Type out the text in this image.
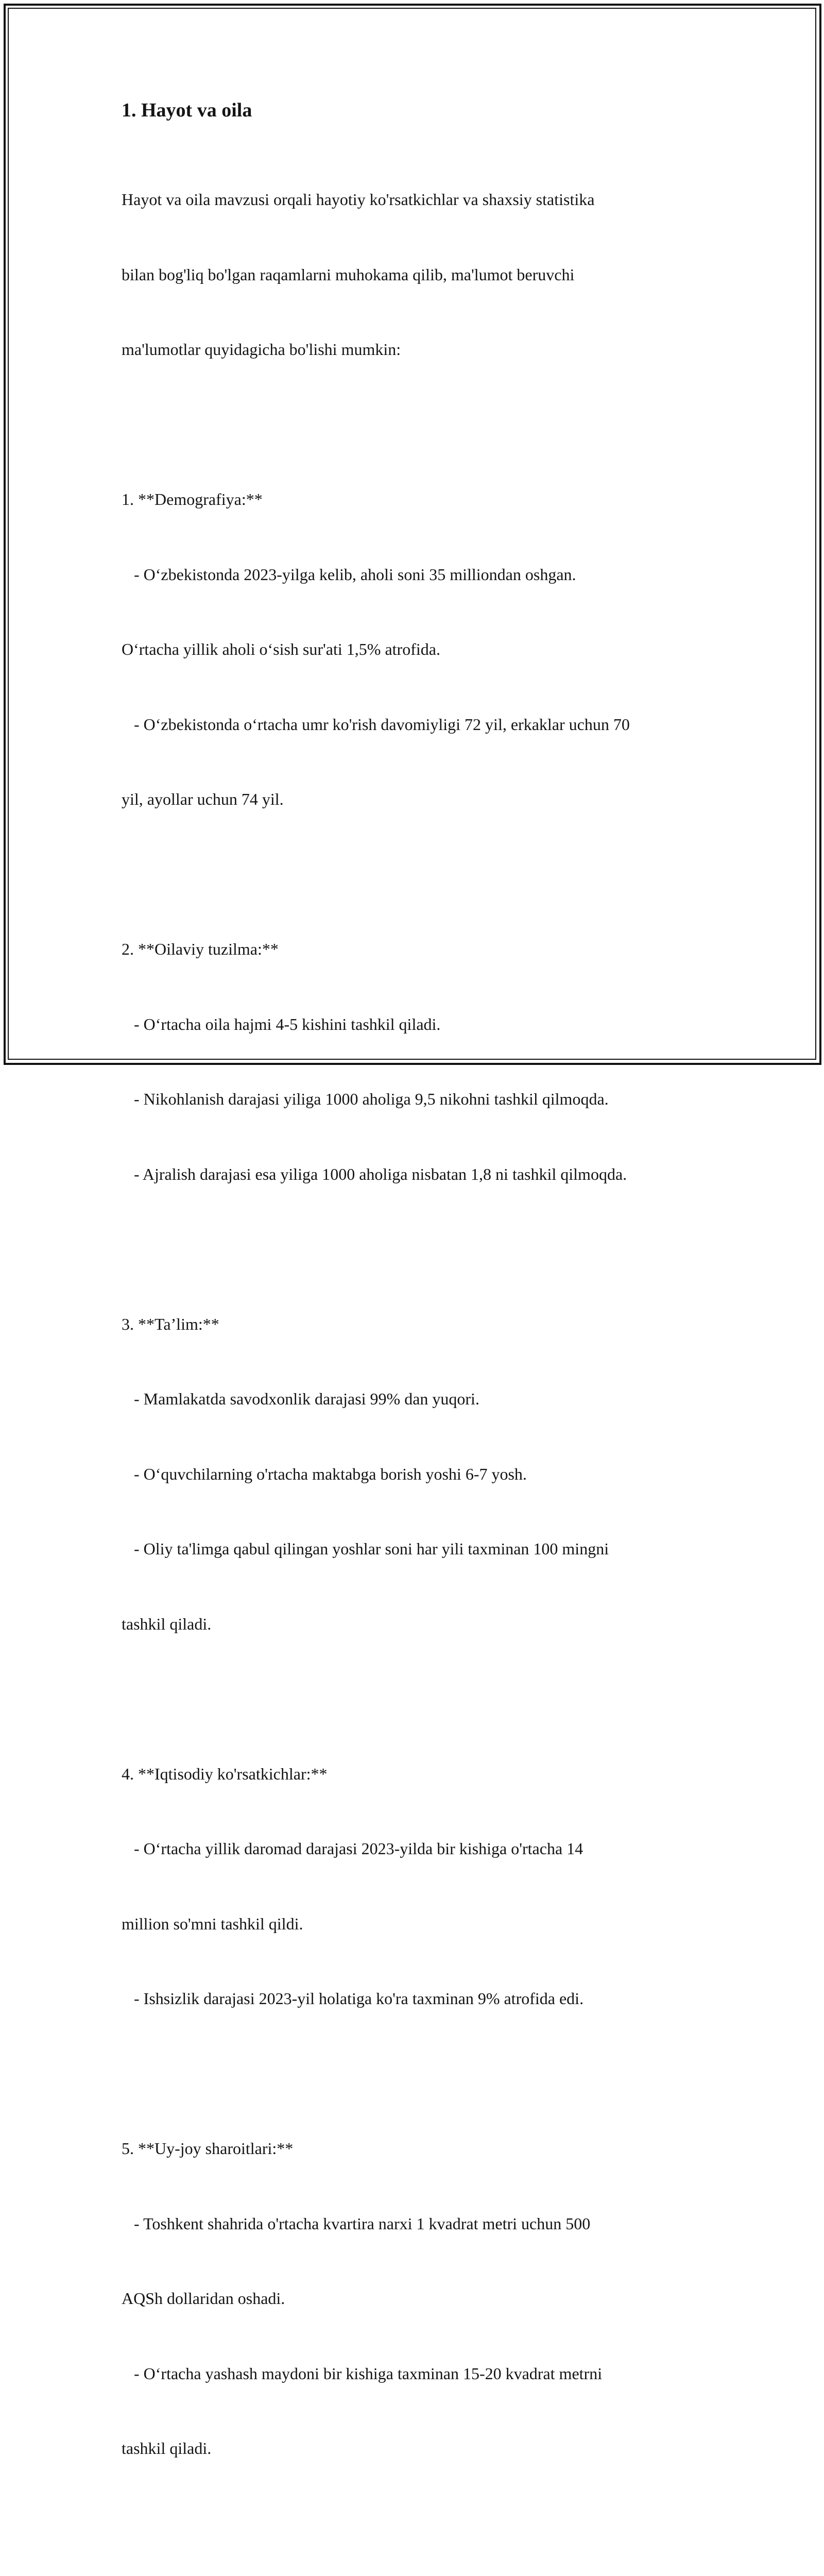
1. Hayot va oila

Hayot va oila mavzusi orqali hayotiy ko'rsatkichlar va shaxsiy statistika

bilan bog'liq bo'lgan raqamlarni muhokama qilib, ma'lumot beruvchi

ma'lumotlar quyidagicha bo'lishi mumkin:

1. **Demografiya:**

- O‘zbekistonda 2023-yilga kelib, aholi soni 35 milliondan oshgan.

O‘rtacha yillik aholi o‘sish sur'ati 1,5% atrofida.

- O‘zbekistonda o‘rtacha umr ko'rish davomiyligi 72 yil, erkaklar uchun 70

yil, ayollar uchun 74 yil.

2. **Oilaviy tuzilma:**

- O‘rtacha oila hajmi 4-5 kishini tashkil qiladi.

- Nikohlanish darajasi yiliga 1000 aholiga 9,5 nikohni tashkil qilmoqda.

- Ajralish darajasi esa yiliga 1000 aholiga nisbatan 1,8 ni tashkil qilmoqda.

3. **Ta’lim:**

- Mamlakatda savodxonlik darajasi 99% dan yuqori.

- O‘quvchilarning o'rtacha maktabga borish yoshi 6-7 yosh.

- Oliy ta'limga qabul qilingan yoshlar soni har yili taxminan 100 mingni

tashkil qiladi.

4. **Iqtisodiy ko'rsatkichlar:**

- O‘rtacha yillik daromad darajasi 2023-yilda bir kishiga o'rtacha 14

million so'mni tashkil qildi.

- Ishsizlik darajasi 2023-yil holatiga ko'ra taxminan 9% atrofida edi.

5. **Uy-joy sharoitlari:**

- Toshkent shahrida o'rtacha kvartira narxi 1 kvadrat metri uchun 500

AQSh dollaridan oshadi.

- O‘rtacha yashash maydoni bir kishiga taxminan 15-20 kvadrat metrni

tashkil qiladi.
